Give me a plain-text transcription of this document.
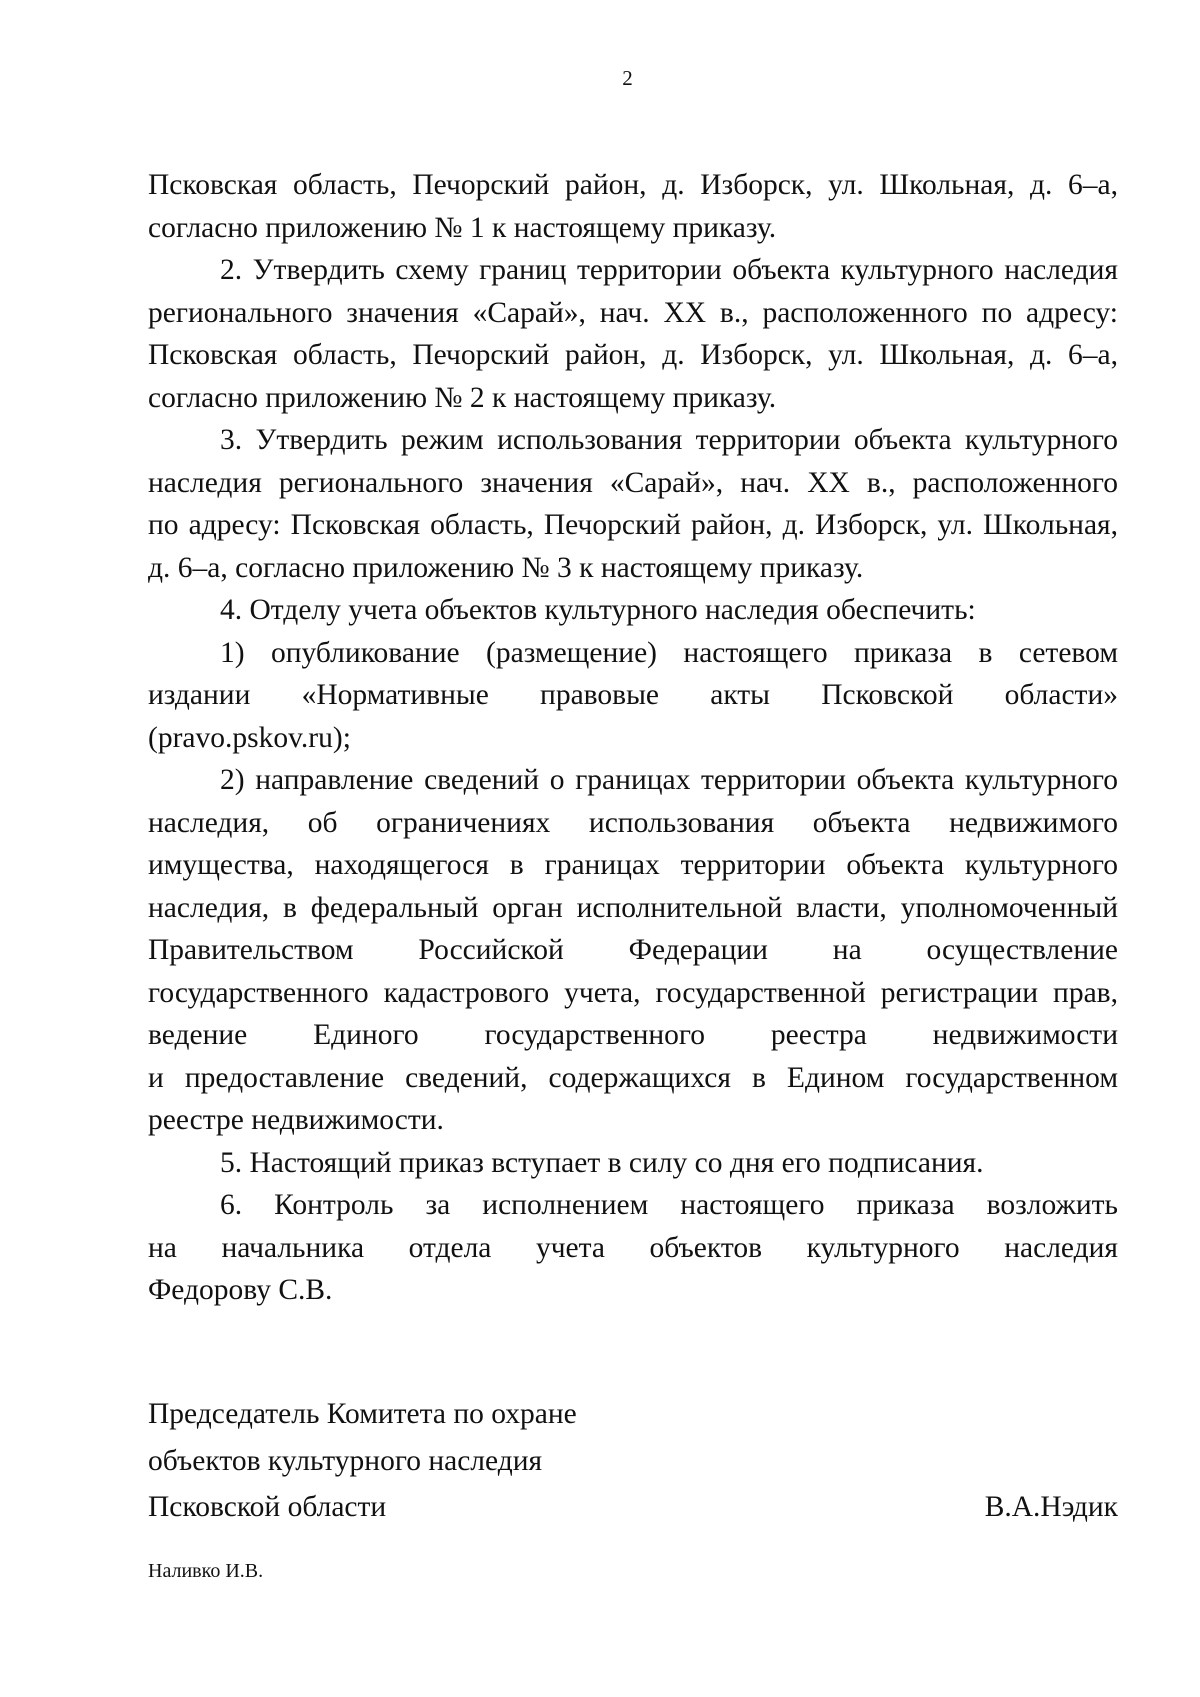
2
Псковская область, Печорский район, д. Изборск, ул. Школьная, д. 6–а,
согласно приложению № 1 к настоящему приказу.
2. Утвердить схему границ территории объекта культурного наследия
регионального значения «Сарай», нач. XX в., расположенного по адресу:
Псковская область, Печорский район, д. Изборск, ул. Школьная, д. 6–а,
согласно приложению № 2 к настоящему приказу.
3. Утвердить режим использования территории объекта культурного
наследия регионального значения «Сарай», нач. XX в., расположенного
по адресу: Псковская область, Печорский район, д. Изборск, ул. Школьная,
д. 6–а, согласно приложению № 3 к настоящему приказу.
4. Отделу учета объектов культурного наследия обеспечить:
1) опубликование (размещение) настоящего приказа в сетевом
издании «Нормативные правовые акты Псковской области»
(pravo.pskov.ru);
2) направление сведений о границах территории объекта культурного
наследия, об ограничениях использования объекта недвижимого
имущества, находящегося в границах территории объекта культурного
наследия, в федеральный орган исполнительной власти, уполномоченный
Правительством Российской Федерации на осуществление
государственного кадастрового учета, государственной регистрации прав,
ведение Единого государственного реестра недвижимости
и предоставление сведений, содержащихся в Едином государственном
реестре недвижимости.
5. Настоящий приказ вступает в силу со дня его подписания.
6. Контроль за исполнением настоящего приказа возложить
на начальника отдела учета объектов культурного наследия
Федорову С.В.
Председатель Комитета по охране
объектов культурного наследия
Псковской области	В.А.Нэдик
Наливко И.В.
